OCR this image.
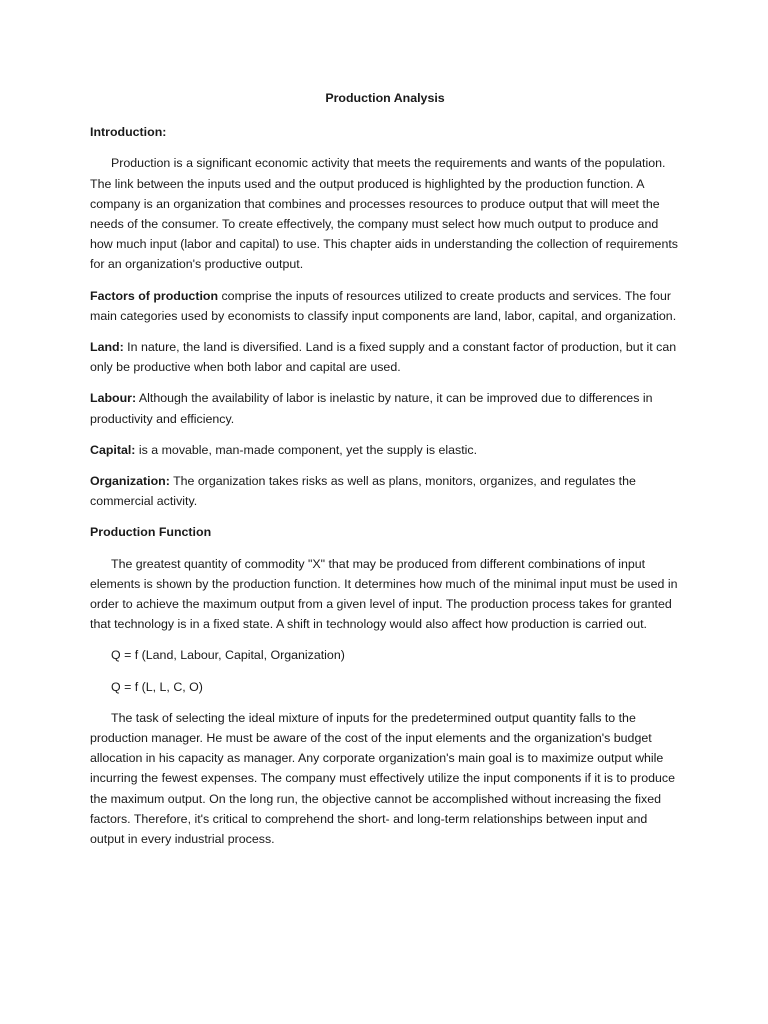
Production Analysis

Introduction:

Production is a significant economic activity that meets the requirements and wants of the population. The link between the inputs used and the output produced is highlighted by the production function. A company is an organization that combines and processes resources to produce output that will meet the needs of the consumer. To create effectively, the company must select how much output to produce and how much input (labor and capital) to use. This chapter aids in understanding the collection of requirements for an organization's productive output.

Factors of production comprise the inputs of resources utilized to create products and services. The four main categories used by economists to classify input components are land, labor, capital, and organization.

Land: In nature, the land is diversified. Land is a fixed supply and a constant factor of production, but it can only be productive when both labor and capital are used.

Labour: Although the availability of labor is inelastic by nature, it can be improved due to differences in productivity and efficiency.

Capital: is a movable, man-made component, yet the supply is elastic.

Organization: The organization takes risks as well as plans, monitors, organizes, and regulates the commercial activity.

Production Function

The greatest quantity of commodity "X" that may be produced from different combinations of input elements is shown by the production function. It determines how much of the minimal input must be used in order to achieve the maximum output from a given level of input. The production process takes for granted that technology is in a fixed state. A shift in technology would also affect how production is carried out.

Q = f (Land, Labour, Capital, Organization)

Q = f (L, L, C, O)

The task of selecting the ideal mixture of inputs for the predetermined output quantity falls to the production manager. He must be aware of the cost of the input elements and the organization's budget allocation in his capacity as manager. Any corporate organization's main goal is to maximize output while incurring the fewest expenses. The company must effectively utilize the input components if it is to produce the maximum output. On the long run, the objective cannot be accomplished without increasing the fixed factors. Therefore, it's critical to comprehend the short- and long-term relationships between input and output in every industrial process.
